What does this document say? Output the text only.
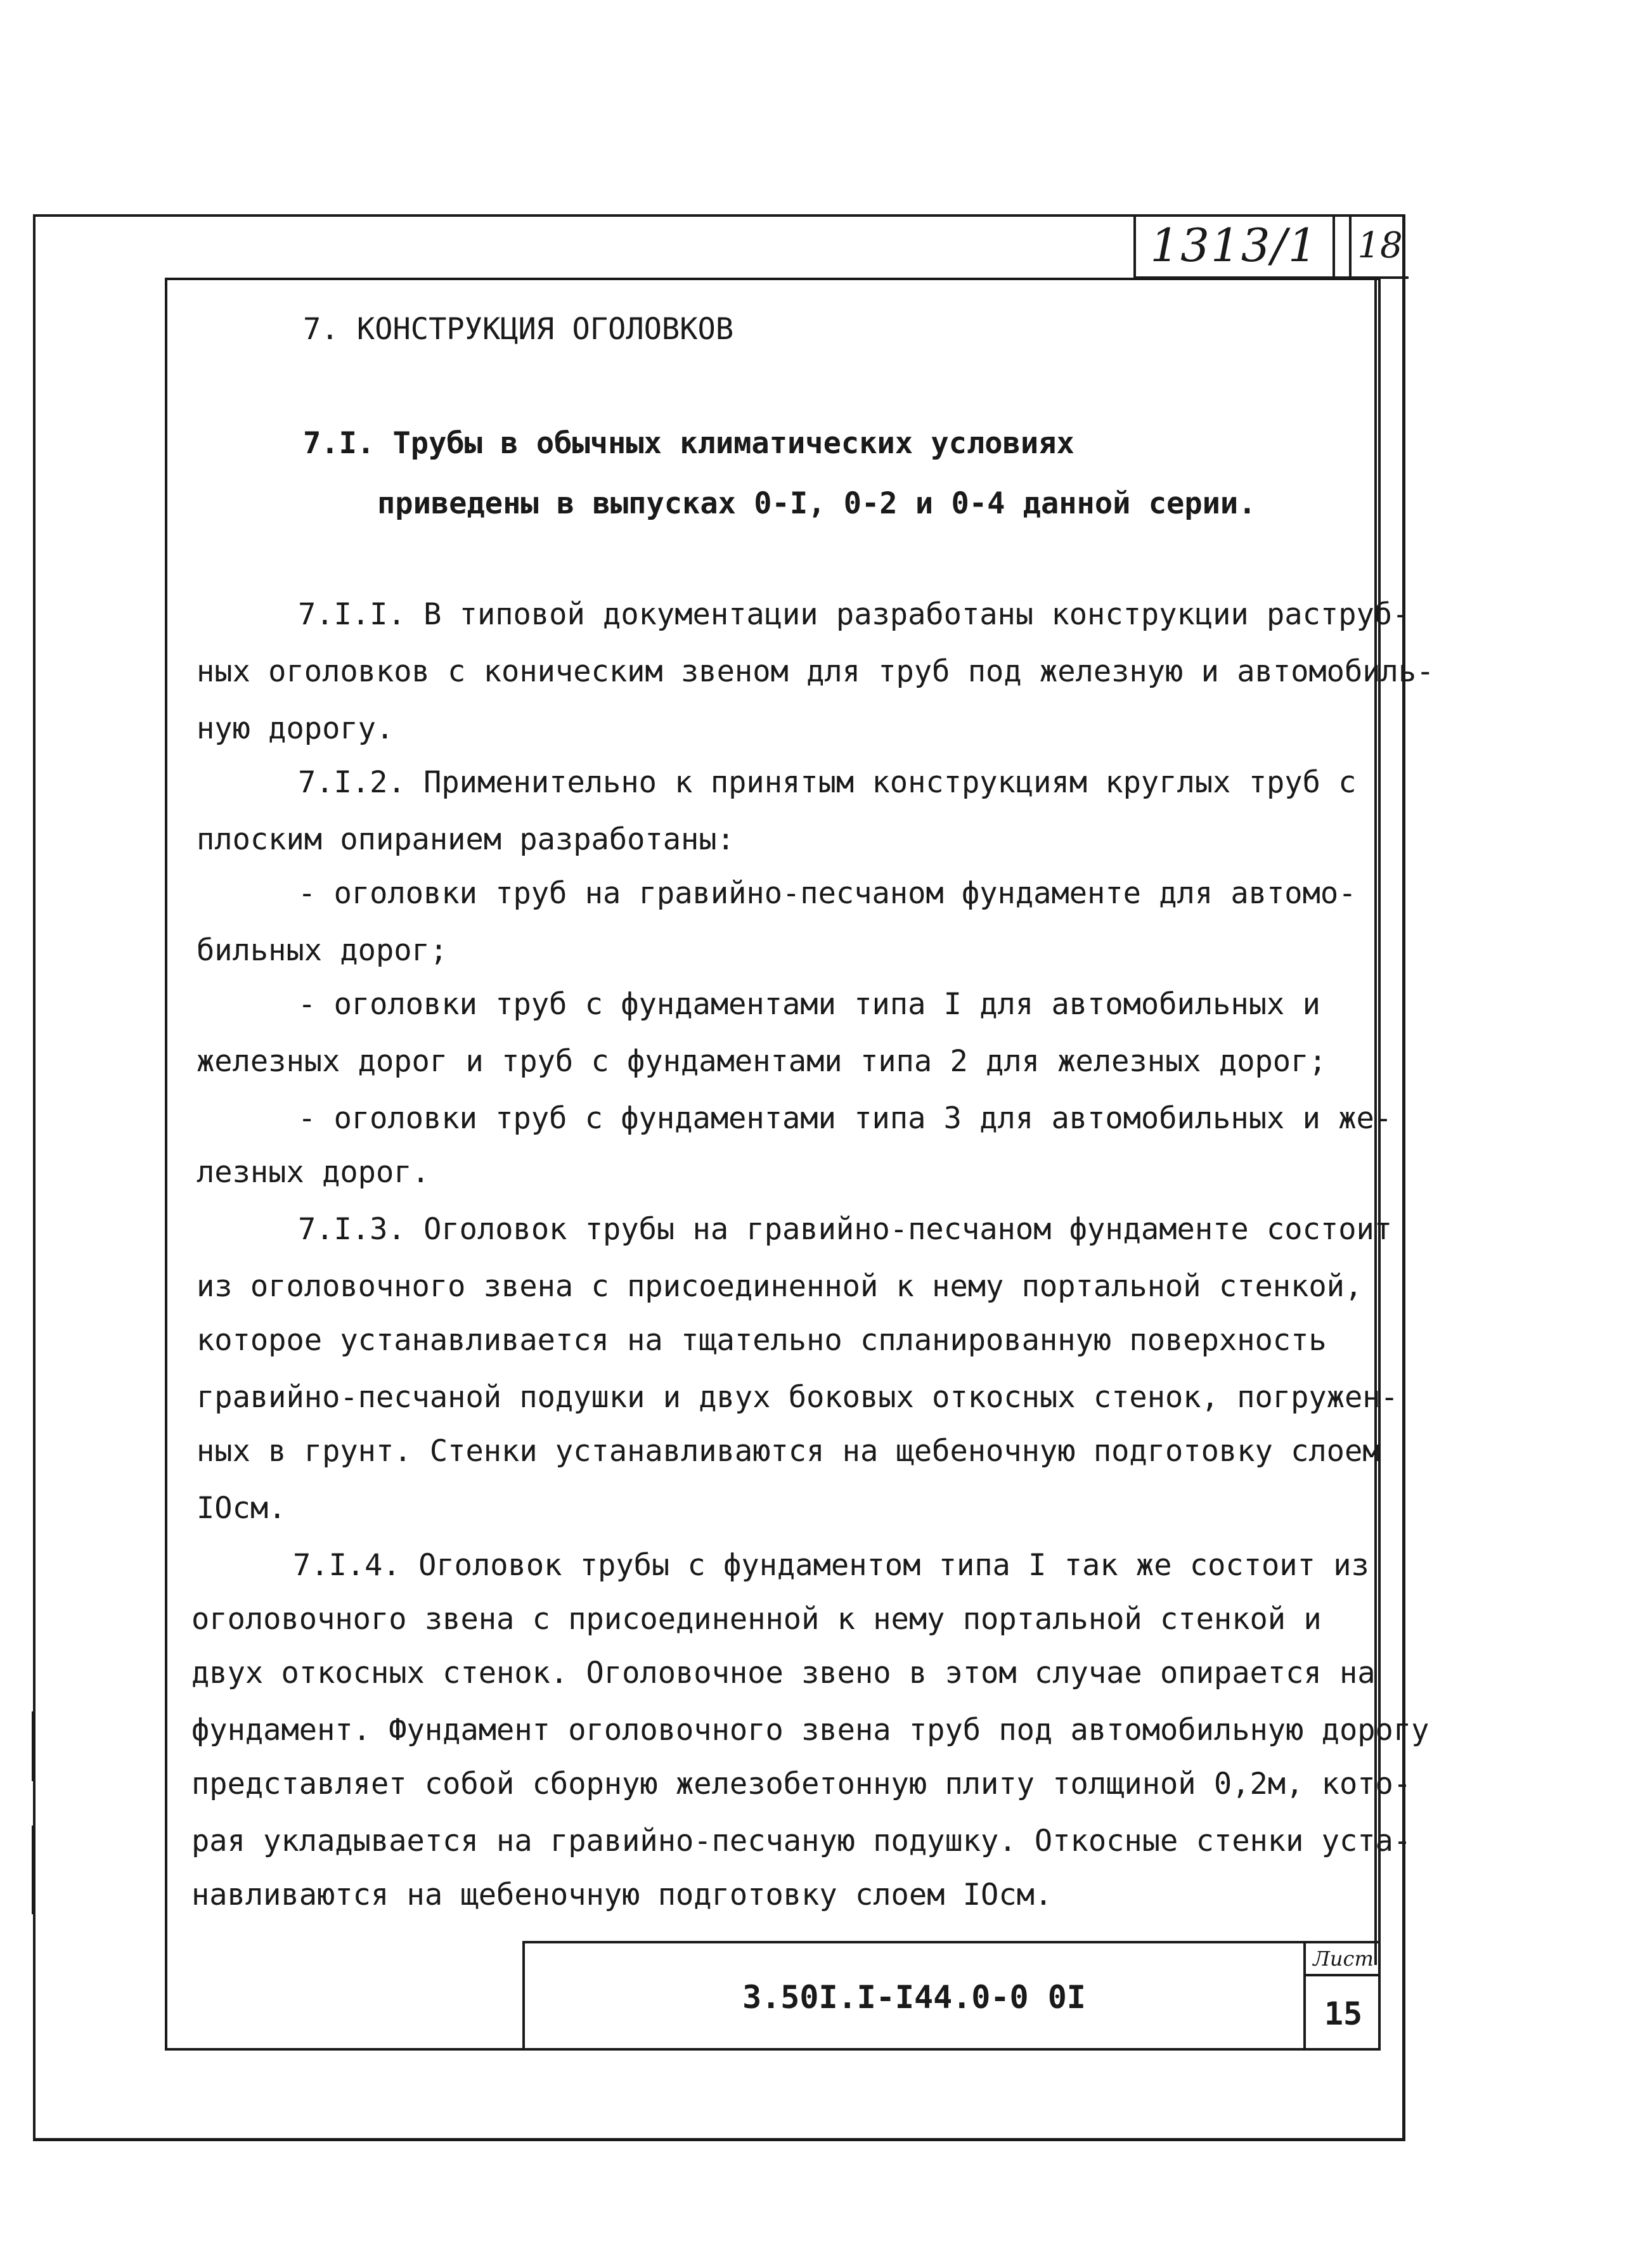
1313/1	18
7. КОНСТРУКЦИЯ ОГОЛОВКОВ
7.I. Трубы в обычных климатических условиях
приведены в выпусках 0-I, 0-2 и 0-4 данной серии.
7.I.I. В типовой документации разработаны конструкции раструб-
ных оголовков с коническим звеном для труб под железную и автомобиль-
ную дорогу.
7.I.2. Применительно к принятым конструкциям круглых труб с
плоским опиранием разработаны:
- оголовки труб на гравийно-песчаном фундаменте для автомо-
бильных дорог;
- оголовки труб с фундаментами типа I для автомобильных и
железных дорог и труб с фундаментами типа 2 для железных дорог;
- оголовки труб с фундаментами типа 3 для автомобильных и же-
лезных дорог.
7.I.3. Оголовок трубы на гравийно-песчаном фундаменте состоит
из оголовочного звена с присоединенной к нему портальной стенкой,
которое устанавливается на тщательно спланированную поверхность
гравийно-песчаной подушки и двух боковых откосных стенок, погружен-
ных в грунт. Стенки устанавливаются на щебеночную подготовку слоем
IOсм.
7.I.4. Оголовок трубы с фундаментом типа I так же состоит из
оголовочного звена с присоединенной к нему портальной стенкой и
двух откосных стенок. Оголовочное звено в этом случае опирается на
фундамент. Фундамент оголовочного звена труб под автомобильную дорогу
представляет собой сборную железобетонную плиту толщиной 0,2м, кото-
рая укладывается на гравийно-песчаную подушку. Откосные стенки уста-
навливаются на щебеночную подготовку слоем IOсм.
3.50I.I-I44.0-0 0I
Лист
15
